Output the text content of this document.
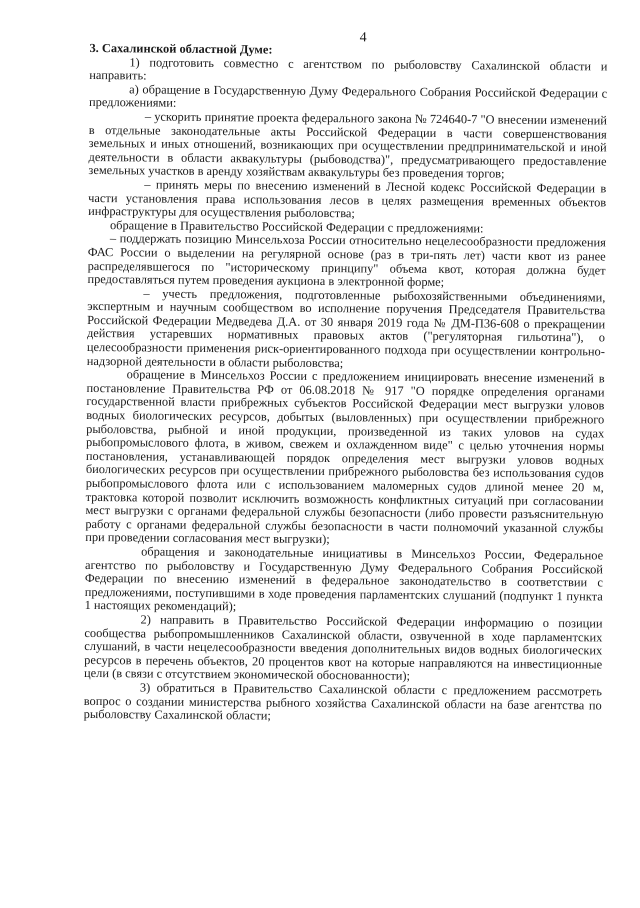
4

3. Сахалинской областной Думе:

1) подготовить совместно с агентством по рыболовству Сахалинской области и направить:

а) обращение в Государственную Думу Федерального Собрания Российской Федерации с предложениями:

– ускорить принятие проекта федерального закона № 724640-7 "О внесении изменений в отдельные законодательные акты Российской Федерации в части совершенствования земельных и иных отношений, возникающих при осуществлении предпринимательской и иной деятельности в области аквакультуры (рыбоводства)", предусматривающего предоставление земельных участков в аренду хозяйствам аквакультуры без проведения торгов;

– принять меры по внесению изменений в Лесной кодекс Российской Федерации в части установления права использования лесов в целях размещения временных объектов инфраструктуры для осуществления рыболовства;

обращение в Правительство Российской Федерации с предложениями:

– поддержать позицию Минсельхоза России относительно нецелесообразности предложения ФАС России о выделении на регулярной основе (раз в три-пять лет) части квот из ранее распределявшегося по "историческому принципу" объема квот, которая должна будет предоставляться путем проведения аукциона в электронной форме;

– учесть предложения, подготовленные рыбохозяйственными объединениями, экспертным и научным сообществом во исполнение поручения Председателя Правительства Российской Федерации Медведева Д.А. от 30 января 2019 года № ДМ-П36-608 о прекращении действия устаревших нормативных правовых актов ("регуляторная гильотина"), о целесообразности применения риск-ориентированного подхода при осуществлении контрольно-надзорной деятельности в области рыболовства;

обращение в Минсельхоз России с предложением инициировать внесение изменений в постановление Правительства РФ от 06.08.2018 № 917 "О порядке определения органами государственной власти прибрежных субъектов Российской Федерации мест выгрузки уловов водных биологических ресурсов, добытых (выловленных) при осуществлении прибрежного рыболовства, рыбной и иной продукции, произведенной из таких уловов на судах рыбопромыслового флота, в живом, свежем и охлажденном виде" с целью уточнения нормы постановления, устанавливающей порядок определения мест выгрузки уловов водных биологических ресурсов при осуществлении прибрежного рыболовства без использования судов рыбопромыслового флота или с использованием маломерных судов длиной менее 20 м, трактовка которой позволит исключить возможность конфликтных ситуаций при согласовании мест выгрузки с органами федеральной службы безопасности (либо провести разъяснительную работу с органами федеральной службы безопасности в части полномочий указанной службы при проведении согласования мест выгрузки);

обращения и законодательные инициативы в Минсельхоз России, Федеральное агентство по рыболовству и Государственную Думу Федерального Собрания Российской Федерации по внесению изменений в федеральное законодательство в соответствии с предложениями, поступившими в ходе проведения парламентских слушаний (подпункт 1 пункта 1 настоящих рекомендаций);

2) направить в Правительство Российской Федерации информацию о позиции сообщества рыбопромышленников Сахалинской области, озвученной в ходе парламентских слушаний, в части нецелесообразности введения дополнительных видов водных биологических ресурсов в перечень объектов, 20 процентов квот на которые направляются на инвестиционные цели (в связи с отсутствием экономической обоснованности);

3) обратиться в Правительство Сахалинской области с предложением рассмотреть вопрос о создании министерства рыбного хозяйства Сахалинской области на базе агентства по рыболовству Сахалинской области;
